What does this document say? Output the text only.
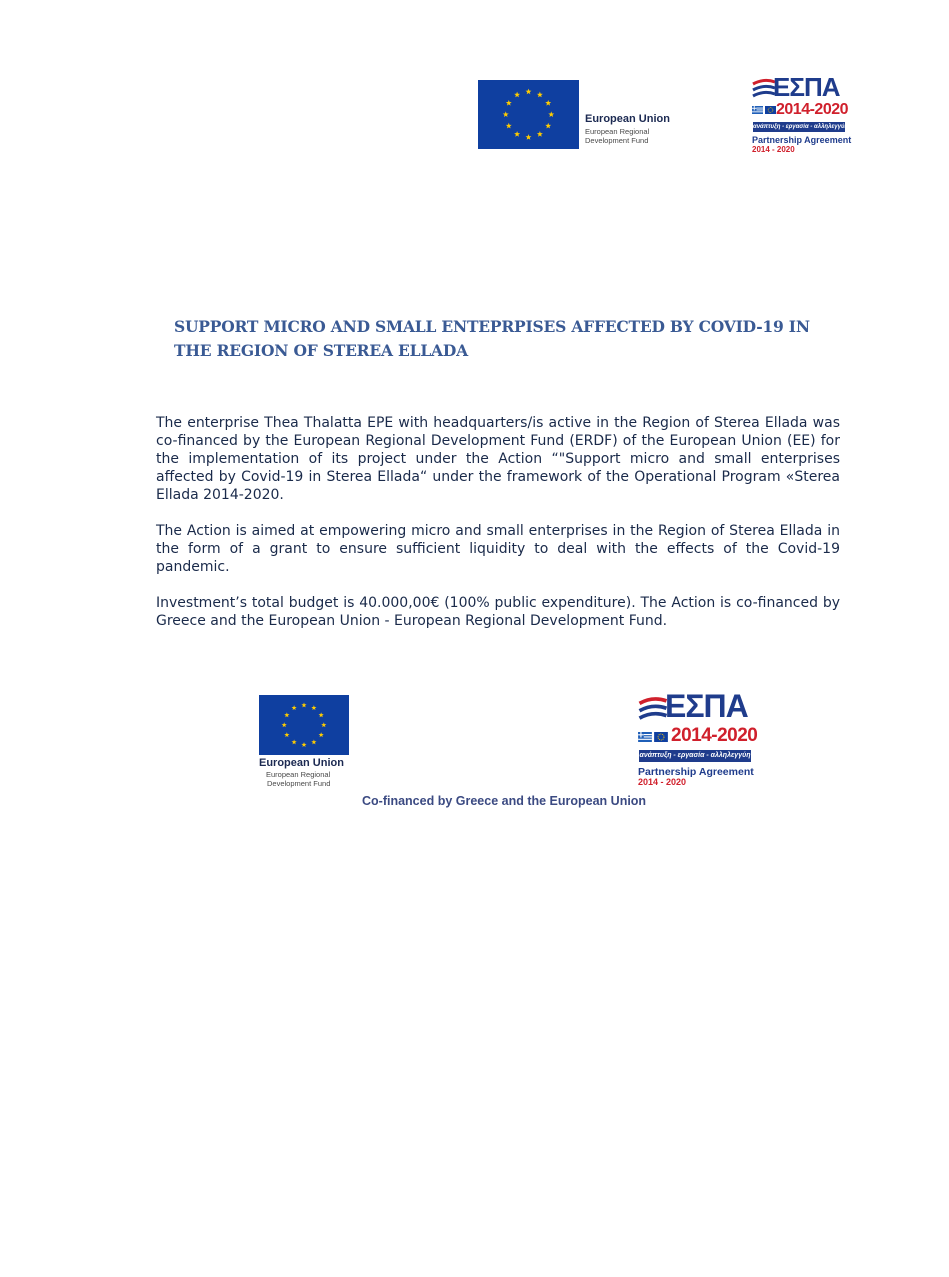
European Union
European Regional
Development Fund
ΕΣΠΑ
2014-2020
ανάπτυξη - εργασία - αλληλεγγύη
Partnership Agreement
2014 - 2020
SUPPORT MICRO AND SMALL ENTEPRPISES AFFECTED BY COVID-19 IN
THE REGION OF STEREA ELLADA

The enterprise Thea Thalatta EPE with headquarters/is active in the Region of Sterea Ellada was co-financed by the European Regional Development Fund (ERDF) of the European Union (EE) for the implementation of its project under the Action “"Support micro and small enterprises affected by Covid-19 in Sterea Ellada“ under the framework of the Operational Program «Sterea Ellada 2014-2020.

The Action is aimed at empowering micro and small enterprises in the Region of Sterea Ellada in the form of a grant to ensure sufficient liquidity to deal with the effects of the Covid-19 pandemic.

Investment’s total budget is 40.000,00€ (100% public expenditure). The Action is co-financed by Greece and the European Union - European Regional Development Fund.

European Union
European Regional
Development Fund
ΕΣΠΑ
2014-2020
ανάπτυξη - εργασία - αλληλεγγύη
Partnership Agreement
2014 - 2020
Co-financed by Greece and the European Union
